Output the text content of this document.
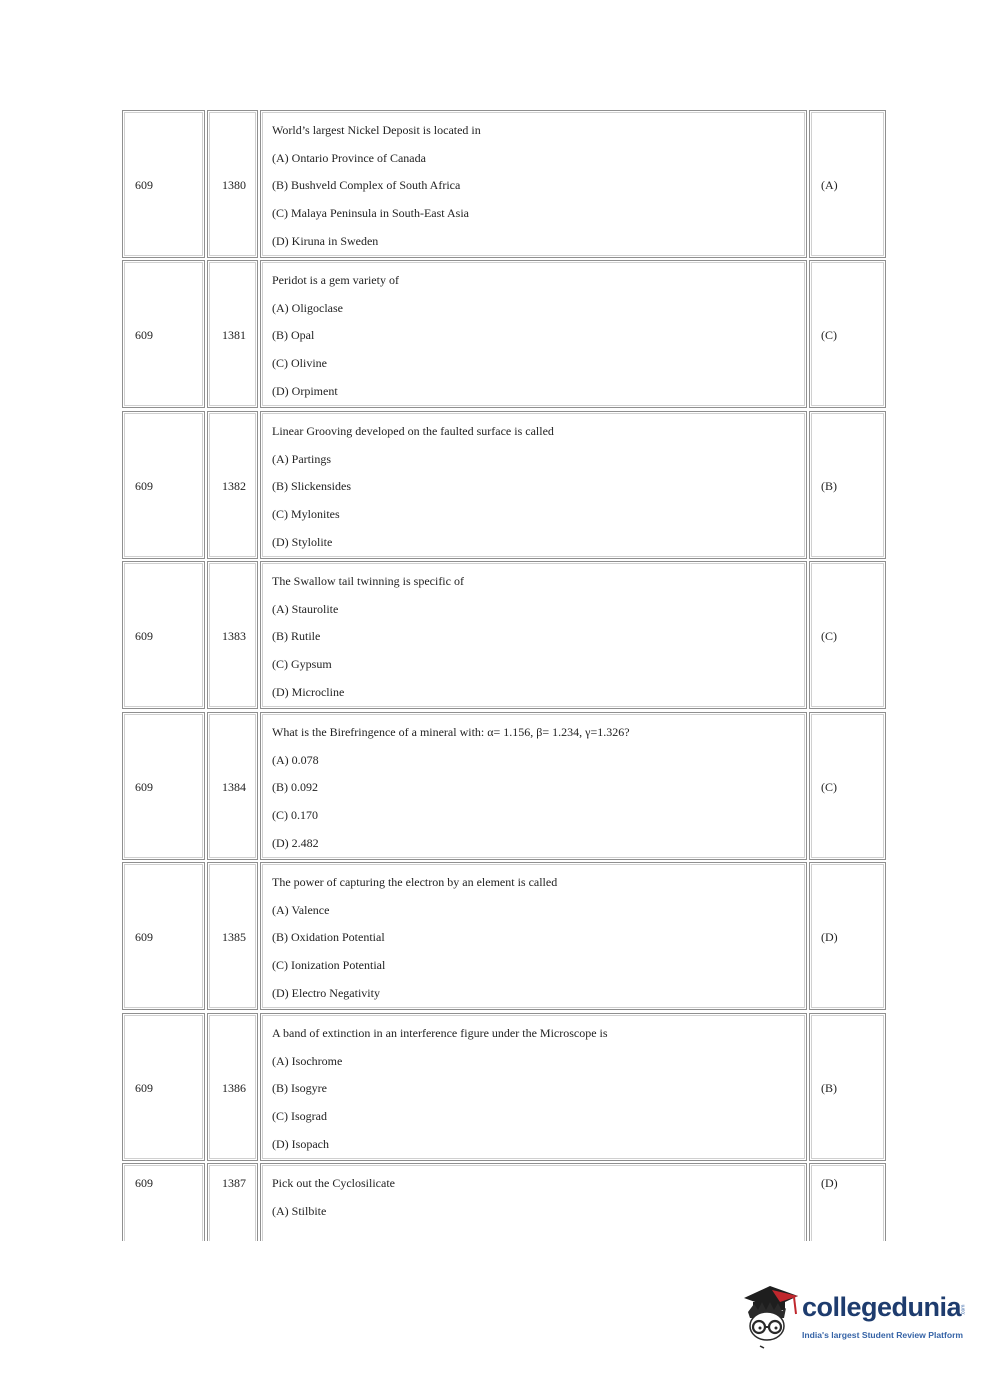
609	1380
World’s largest Nickel Deposit is located in
(A) Ontario Province of Canada
(B) Bushveld Complex of South Africa
(C) Malaya Peninsula in South-East Asia
(D) Kiruna in Sweden
(A)
609	1381
Peridot is a gem variety of
(A) Oligoclase
(B) Opal
(C) Olivine
(D) Orpiment
(C)
609	1382
Linear Grooving developed on the faulted surface is called
(A) Partings
(B) Slickensides
(C) Mylonites
(D) Stylolite
(B)
609	1383
The Swallow tail twinning is specific of
(A) Staurolite
(B) Rutile
(C) Gypsum
(D) Microcline
(C)
609	1384
What is the Birefringence of a mineral with: α= 1.156, β= 1.234, γ=1.326?
(A) 0.078
(B) 0.092
(C) 0.170
(D) 2.482
(C)
609	1385
The power of capturing the electron by an element is called
(A) Valence
(B) Oxidation Potential
(C) Ionization Potential
(D) Electro Negativity
(D)
609	1386
A band of extinction in an interference figure under the Microscope is
(A) Isochrome
(B) Isogyre
(C) Isograd
(D) Isopach
(B)
609	1387 Pick out the Cyclosilicate
(A) Stilbite
(D)
collegedunia .com
India's largest Student Review Platform
